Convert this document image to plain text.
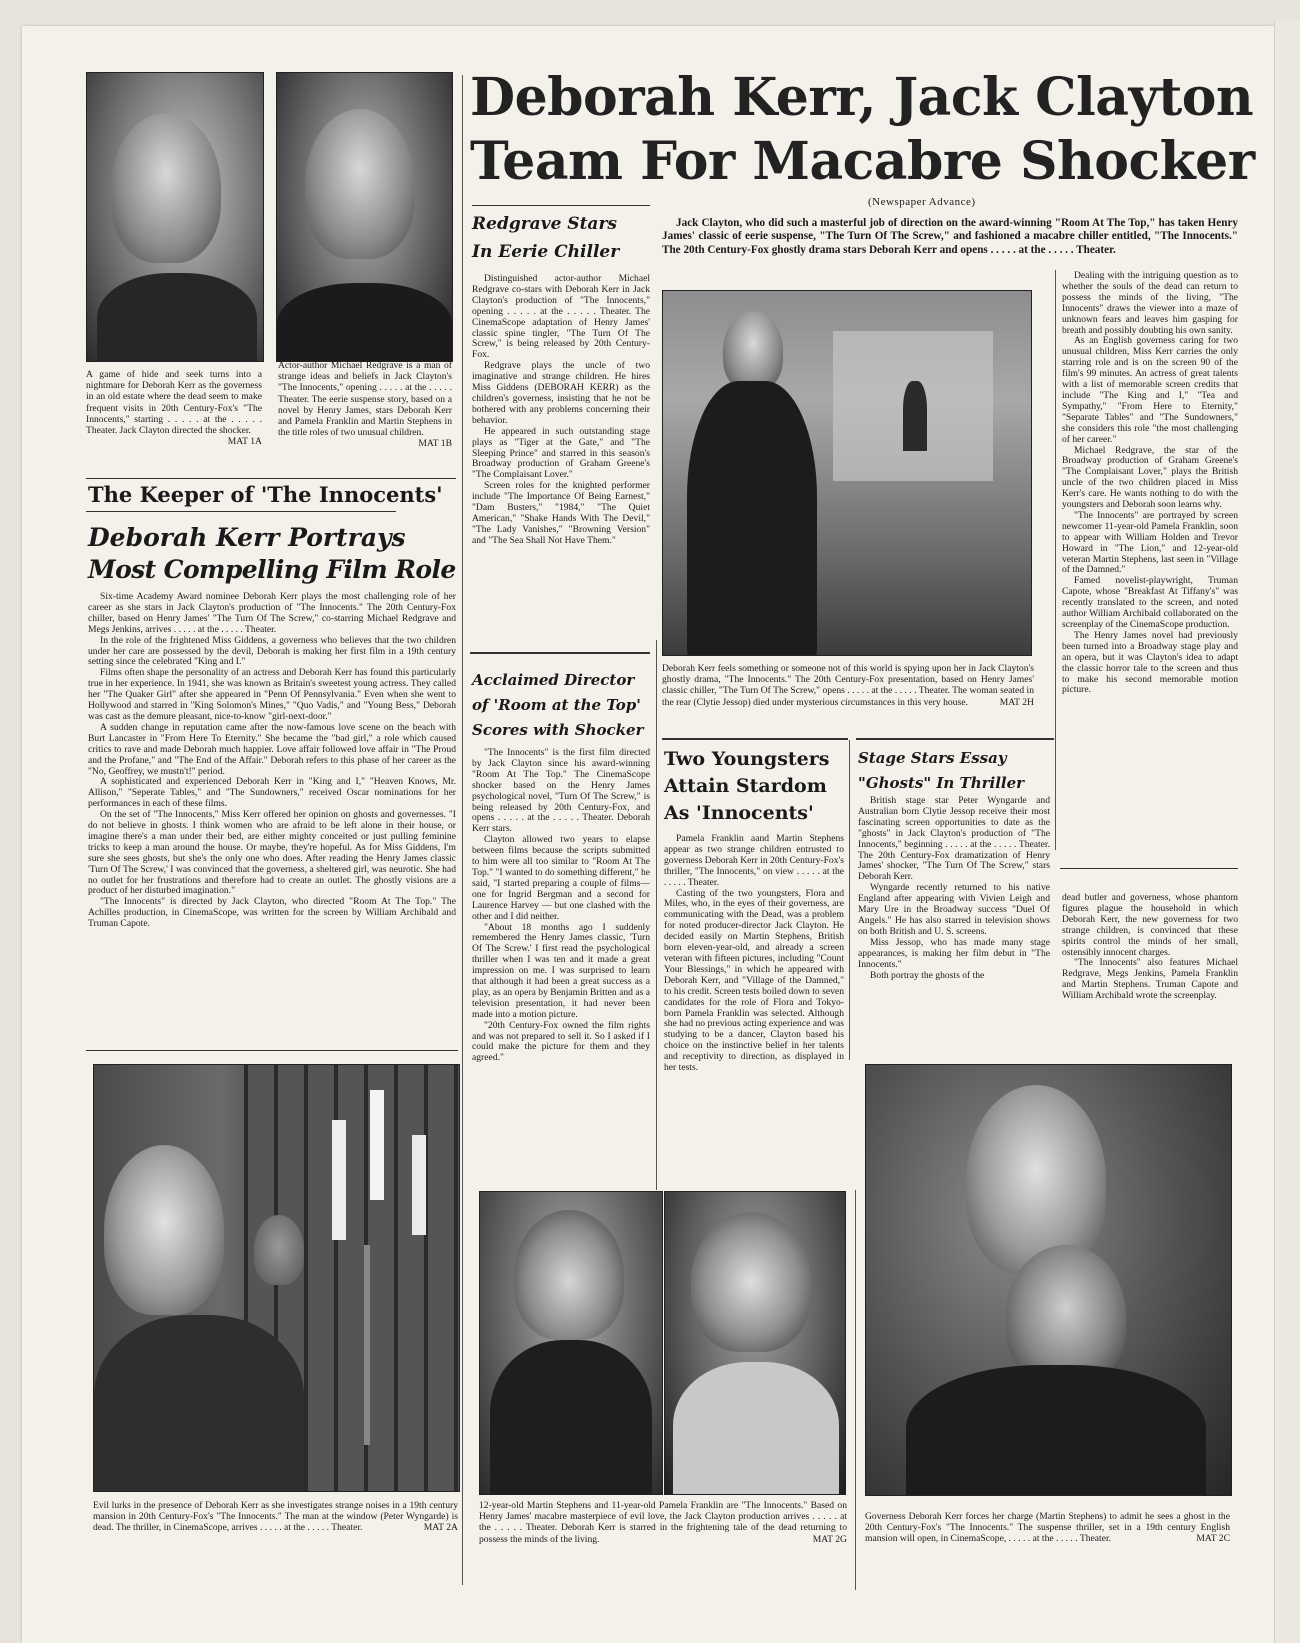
A game of hide and seek turns into a nightmare for Deborah Kerr as the governess in an old estate where the dead seem to make frequent visits in 20th Century-Fox's "The Innocents," starting . . . . . at the . . . . . Theater. Jack Clayton directed the shocker.
MAT 1A
Actor-author Michael Redgrave is a man of strange ideas and beliefs in Jack Clayton's "The Innocents," opening . . . . . at the . . . . . Theater. The eerie suspense story, based on a novel by Henry James, stars Deborah Kerr and Pamela Franklin and Martin Stephens in the title roles of two unusual children.
MAT 1B
The Keeper of 'The Innocents'
Deborah Kerr Portrays
Most Compelling Film Role

Six-time Academy Award nominee Deborah Kerr plays the most challenging role of her career as she stars in Jack Clayton's production of "The Innocents." The 20th Century-Fox chiller, based on Henry James' "The Turn Of The Screw," co-starring Michael Redgrave and Megs Jenkins, arrives . . . . . at the . . . . . Theater.

In the role of the frightened Miss Giddens, a governess who believes that the two children under her care are possessed by the devil, Deborah is making her first film in a 19th century setting since the celebrated "King and I."

Films often shape the personality of an actress and Deborah Kerr has found this particularly true in her experience. In 1941, she was known as Britain's sweetest young actress. They called her "The Quaker Girl" after she appeared in "Penn Of Pennsylvania." Even when she went to Hollywood and starred in "King Solomon's Mines," "Quo Vadis," and "Young Bess," Deborah was cast as the demure pleasant, nice-to-know "girl-next-door."

A sudden change in reputation came after the now-famous love scene on the beach with Burt Lancaster in "From Here To Eternity." She became the "bad girl," a role which caused critics to rave and made Deborah much happier. Love affair followed love affair in "The Proud and the Profane," and "The End of the Affair." Deborah refers to this phase of her career as the "No, Geoffrey, we mustn't!" period.

A sophisticated and experienced Deborah Kerr in "King and I," "Heaven Knows, Mr. Allison," "Seperate Tables," and "The Sundowners," received Oscar nominations for her performances in each of these films.

On the set of "The Innocents," Miss Kerr offered her opinion on ghosts and governesses. "I do not believe in ghosts. I think women who are afraid to be left alone in their house, or imagine there's a man under their bed, are either mighty conceited or just pulling feminine tricks to keep a man around the house. Or maybe, they're hopeful. As for Miss Giddens, I'm sure she sees ghosts, but she's the only one who does. After reading the Henry James classic 'Turn Of The Screw,' I was convinced that the governess, a sheltered girl, was neurotic. She had no outlet for her frustrations and therefore had to create an outlet. The ghostly visions are a product of her disturbed imagination."

"The Innocents" is directed by Jack Clayton, who directed "Room At The Top." The Achilles production, in CinemaScope, was written for the screen by William Archibald and Truman Capote.

Deborah Kerr, Jack Clayton
Team For Macabre Shocker
(Newspaper Advance)
Jack Clayton, who did such a masterful job of direction on the award-winning "Room At The Top," has taken Henry James' classic of eerie suspense, "The Turn Of The Screw," and fashioned a macabre chiller entitled, "The Innocents." The 20th Century-Fox ghostly drama stars Deborah Kerr and opens . . . . . at the . . . . . Theater.
Redgrave Stars
In Eerie Chiller

Distinguished actor-author Michael Redgrave co-stars with Deborah Kerr in Jack Clayton's production of "The Innocents," opening . . . . . at the . . . . . Theater. The CinemaScope adaptation of Henry James' classic spine tingler, "The Turn Of The Screw," is being released by 20th Century-Fox.

Redgrave plays the uncle of two imaginative and strange children. He hires Miss Giddens (DEBORAH KERR) as the children's governess, insisting that he not be bothered with any problems concerning their behavior.

He appeared in such outstanding stage plays as "Tiger at the Gate," and "The Sleeping Prince" and starred in this season's Broadway production of Graham Greene's "The Complaisant Lover."

Screen roles for the knighted performer include "The Importance Of Being Earnest," "Dam Busters," "1984," "The Quiet American," "Shake Hands With The Devil," "The Lady Vanishes," "Browning Version" and "The Sea Shall Not Have Them."

Acclaimed Director
of 'Room at the Top'
Scores with Shocker

"The Innocents" is the first film directed by Jack Clayton since his award-winning "Room At The Top." The CinemaScope shocker based on the Henry James psychological novel, "Turn Of The Screw," is being released by 20th Century-Fox, and opens . . . . . at the . . . . . Theater. Deborah Kerr stars.

Clayton allowed two years to elapse between films because the scripts submitted to him were all too similar to "Room At The Top." "I wanted to do something different," he said, "I started preparing a couple of films—one for Ingrid Bergman and a second for Laurence Harvey — but one clashed with the other and I did neither.

"About 18 months ago I suddenly remembered the Henry James classic, 'Turn Of The Screw.' I first read the psychological thriller when I was ten and it made a great impression on me. I was surprised to learn that although it had been a great success as a play, as an opera by Benjamin Britten and as a television presentation, it had never been made into a motion picture.

"20th Century-Fox owned the film rights and was not prepared to sell it. So I asked if I could make the picture for them and they agreed."

Deborah Kerr feels something or someone not of this world is spying upon her in Jack Clayton's ghostly drama, "The Innocents." The 20th Century-Fox presentation, based on Henry James' classic chiller, "The Turn Of The Screw," opens . . . . . at the . . . . . Theater. The woman seated in the rear (Clytie Jessop) died under mysterious circumstances in this very house.	MAT 2H

Dealing with the intriguing question as to whether the souls of the dead can return to possess the minds of the living, "The Innocents" draws the viewer into a maze of unknown fears and leaves him gasping for breath and possibly doubting his own sanity.

As an English governess caring for two unusual children, Miss Kerr carries the only starring role and is on the screen 90 of the film's 99 minutes. An actress of great talents with a list of memorable screen credits that include "The King and I," "Tea and Sympathy," "From Here to Eternity," "Separate Tables" and "The Sundowners," she considers this role "the most challenging of her career."

Michael Redgrave, the star of the Broadway production of Graham Greene's "The Complaisant Lover," plays the British uncle of the two children placed in Miss Kerr's care. He wants nothing to do with the youngsters and Deborah soon learns why.

"The Innocents" are portrayed by screen newcomer 11-year-old Pamela Franklin, soon to appear with William Holden and Trevor Howard in "The Lion," and 12-year-old veteran Martin Stephens, last seen in "Village of the Damned."

Famed novelist-playwright, Truman Capote, whose "Breakfast At Tiffany's" was recently translated to the screen, and noted author William Archibald collaborated on the screenplay of the CinemaScope production.

The Henry James novel had previously been turned into a Broadway stage play and an opera, but it was Clayton's idea to adapt the classic horror tale to the screen and thus to make his second memorable motion picture.

Two Youngsters
Attain Stardom
As 'Innocents'

Pamela Franklin aand Martin Stephens appear as two strange children entrusted to governess Deborah Kerr in 20th Century-Fox's thriller, "The Innocents," on view . . . . . at the . . . . . Theater.

Casting of the two youngsters, Flora and Miles, who, in the eyes of their governess, are communicating with the Dead, was a problem for noted producer-director Jack Clayton. He decided easily on Martin Stephens, British born eleven-year-old, and already a screen veteran with fifteen pictures, including "Count Your Blessings," in which he appeared with Deborah Kerr, and "Village of the Damned," to his credit. Screen tests boiled down to seven candidates for the role of Flora and Tokyo-born Pamela Franklin was selected. Although she had no previous acting experience and was studying to be a dancer, Clayton based his choice on the instinctive belief in her talents and receptivity to direction, as displayed in her tests.

Stage Stars Essay
"Ghosts" In Thriller

British stage star Peter Wyngarde and Australian born Clytie Jessop receive their most fascinating screen opportunities to date as the "ghosts" in Jack Clayton's production of "The Innocents," beginning . . . . . at the . . . . . Theater. The 20th Century-Fox dramatization of Henry James' shocker, "The Turn Of The Screw," stars Deborah Kerr.

Wyngarde recently returned to his native England after appearing with Vivien Leigh and Mary Ure in the Broadway success "Duel Of Angels." He has also starred in television shows on both British and U. S. screens.

Miss Jessop, who has made many stage appearances, is making her film debut in "The Innocents."

Both portray the ghosts of the

dead butler and governess, whose phantom figures plague the household in which Deborah Kerr, the new governess for two strange children, is convinced that these spirits control the minds of her small, ostensibly innocent charges.

"The Innocents" also features Michael Redgrave, Megs Jenkins, Pamela Franklin and Martin Stephens. Truman Capote and William Archibald wrote the screenplay.

Evil lurks in the presence of Deborah Kerr as she investigates strange noises in a 19th century mansion in 20th Century-Fox's "The Innocents." The man at the window (Peter Wyngarde) is dead. The thriller, in CinemaScope, arrives . . . . . at the . . . . . Theater.	MAT 2A
12-year-old Martin Stephens and 11-year-old Pamela Franklin are "The Innocents." Based on Henry James' macabre masterpiece of evil love, the Jack Clayton production arrives . . . . . at the . . . . . Theater. Deborah Kerr is starred in the frightening tale of the dead returning to possess the minds of the living.	MAT 2G
Governess Deborah Kerr forces her charge (Martin Stephens) to admit he sees a ghost in the 20th Century-Fox's "The Innocents." The suspense thriller, set in a 19th century English mansion will open, in CinemaScope, . . . . . at the . . . . . Theater.	MAT 2C
